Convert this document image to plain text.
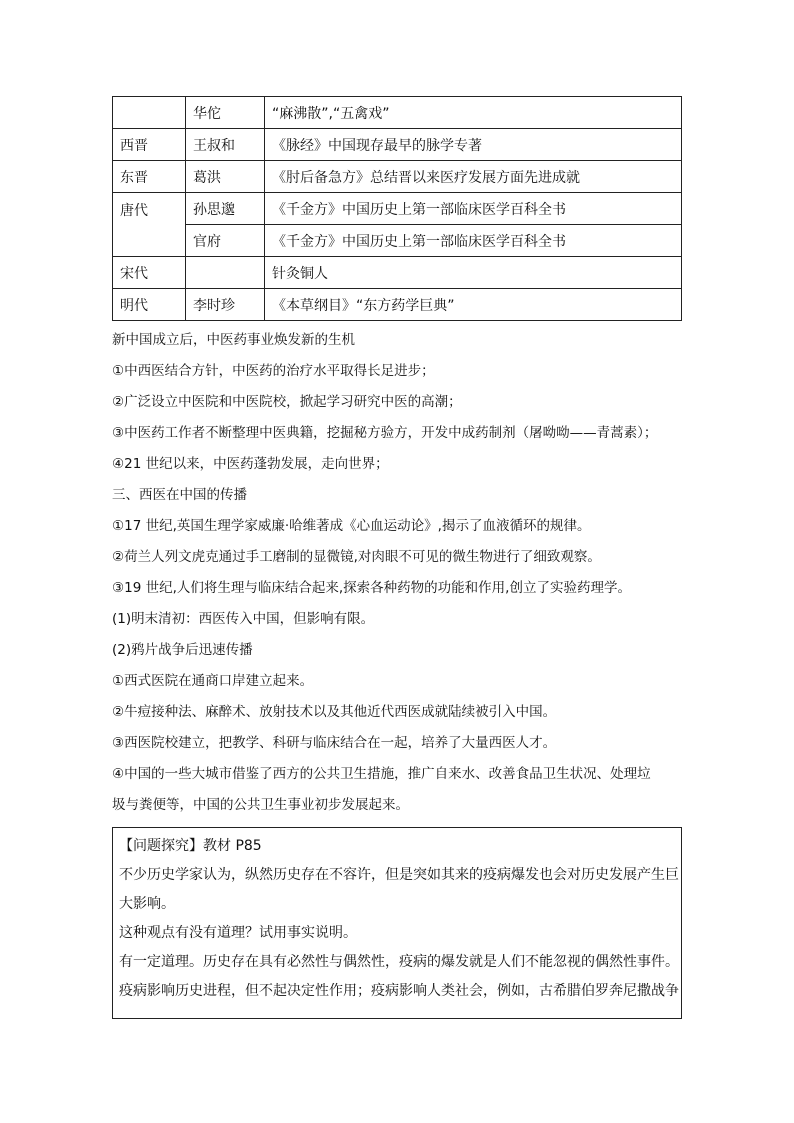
	华佗	“麻沸散”,“五禽戏”
西晋	王叔和	《脉经》中国现存最早的脉学专著
东晋	葛洪	《肘后备急方》总结晋以来医疗发展方面先进成就
唐代	孙思邈	《千金方》中国历史上第一部临床医学百科全书
	官府	《千金方》中国历史上第一部临床医学百科全书
宋代		针灸铜人
明代	李时珍	《本草纲目》“东方药学巨典”
新中国成立后，中医药事业焕发新的生机
①中西医结合方针，中医药的治疗水平取得长足进步；
②广泛设立中医院和中医院校，掀起学习研究中医的高潮；
③中医药工作者不断整理中医典籍，挖掘秘方验方，开发中成药制剂（屠呦呦——青蒿素）；
④21 世纪以来，中医药蓬勃发展，走向世界；
三、西医在中国的传播
①17 世纪,英国生理学家威廉·哈维著成《心血运动论》,揭示了血液循环的规律。
②荷兰人列文虎克通过手工磨制的显微镜,对肉眼不可见的微生物进行了细致观察。
③19 世纪,人们将生理与临床结合起来,探索各种药物的功能和作用,创立了实验药理学。
(1)明末清初：西医传入中国，但影响有限。
(2)鸦片战争后迅速传播
①西式医院在通商口岸建立起来。
②牛痘接种法、麻醉术、放射技术以及其他近代西医成就陆续被引入中国。
③西医院校建立，把教学、科研与临床结合在一起，培养了大量西医人才。
④中国的一些大城市借鉴了西方的公共卫生措施，推广自来水、改善食品卫生状况、处理垃
圾与粪便等，中国的公共卫生事业初步发展起来。
【问题探究】教材 P85
不少历史学家认为，纵然历史存在不容许，但是突如其来的疫病爆发也会对历史发展产生巨
大影响。
这种观点有没有道理？试用事实说明。
有一定道理。历史存在具有必然性与偶然性，疫病的爆发就是人们不能忽视的偶然性事件。
疫病影响历史进程，但不起决定性作用；疫病影响人类社会，例如，古希腊伯罗奔尼撒战争
